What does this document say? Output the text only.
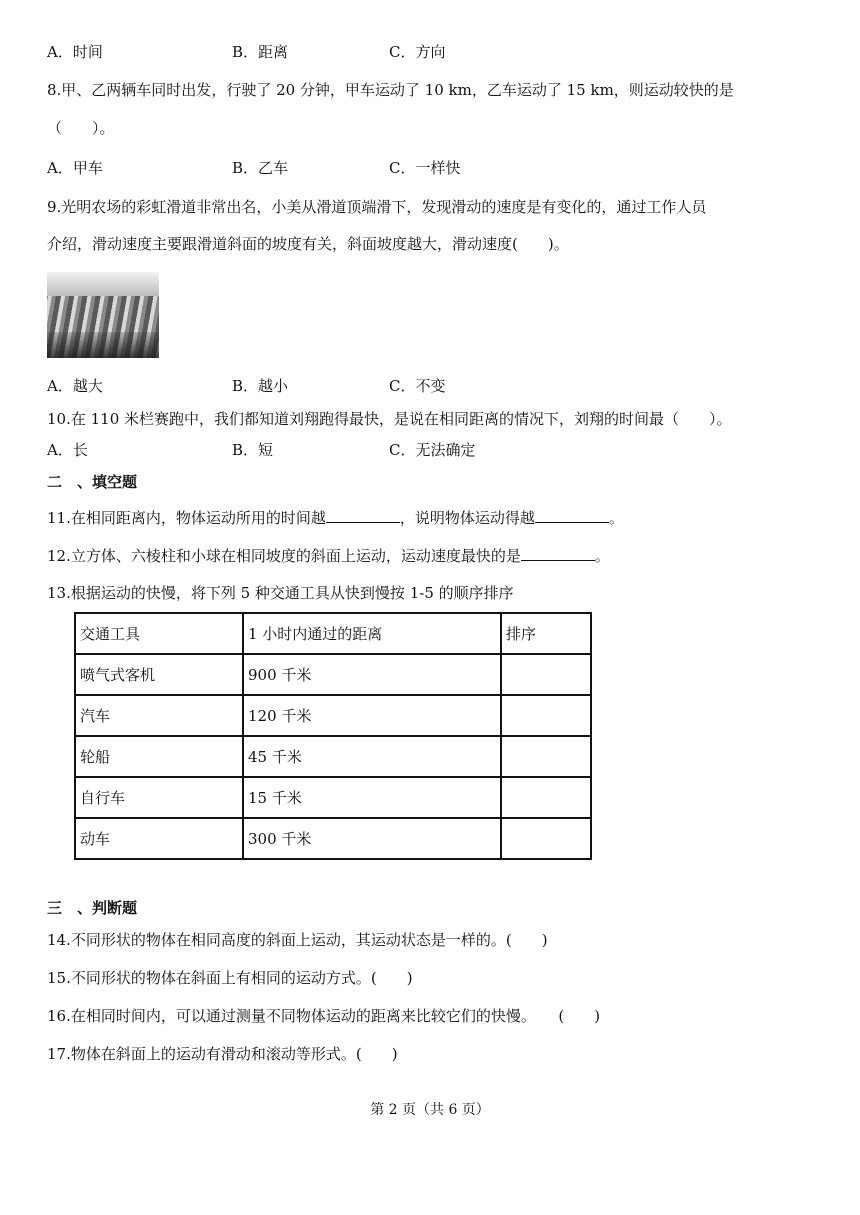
A．时间	B．距离	C．方向
8.甲、乙两辆车同时出发，行驶了 20 分钟，甲车运动了 10 km，乙车运动了 15 km，则运动较快的是
（　　）。
A．甲车	B．乙车	C．一样快
9.光明农场的彩虹滑道非常出名，小美从滑道顶端滑下，发现滑动的速度是有变化的，通过工作人员
介绍，滑动速度主要跟滑道斜面的坡度有关，斜面坡度越大，滑动速度(　　)。
A．越大	B．越小	C．不变
10.在 110 米栏赛跑中，我们都知道刘翔跑得最快，是说在相同距离的情况下，刘翔的时间最（　　）。
A．长	B．短	C．无法确定
二　、填空题
11.在相同距离内，物体运动所用的时间越	，说明物体运动得越	。
12.立方体、六棱柱和小球在相同坡度的斜面上运动，运动速度最快的是	。
13.根据运动的快慢，将下列 5 种交通工具从快到慢按 1-5 的顺序排序
交通工具	1 小时内通过的距离	排序
喷气式客机	900 千米	
汽车	120 千米	
轮船	45 千米	
自行车	15 千米	
动车	300 千米	
三　、判断题
14.不同形状的物体在相同高度的斜面上运动，其运动状态是一样的。(　　)
15.不同形状的物体在斜面上有相同的运动方式。(　　)
16.在相同时间内，可以通过测量不同物体运动的距离来比较它们的快慢。　　(　　)
17.物体在斜面上的运动有滑动和滚动等形式。(　　)
第 2 页（共 6 页）
